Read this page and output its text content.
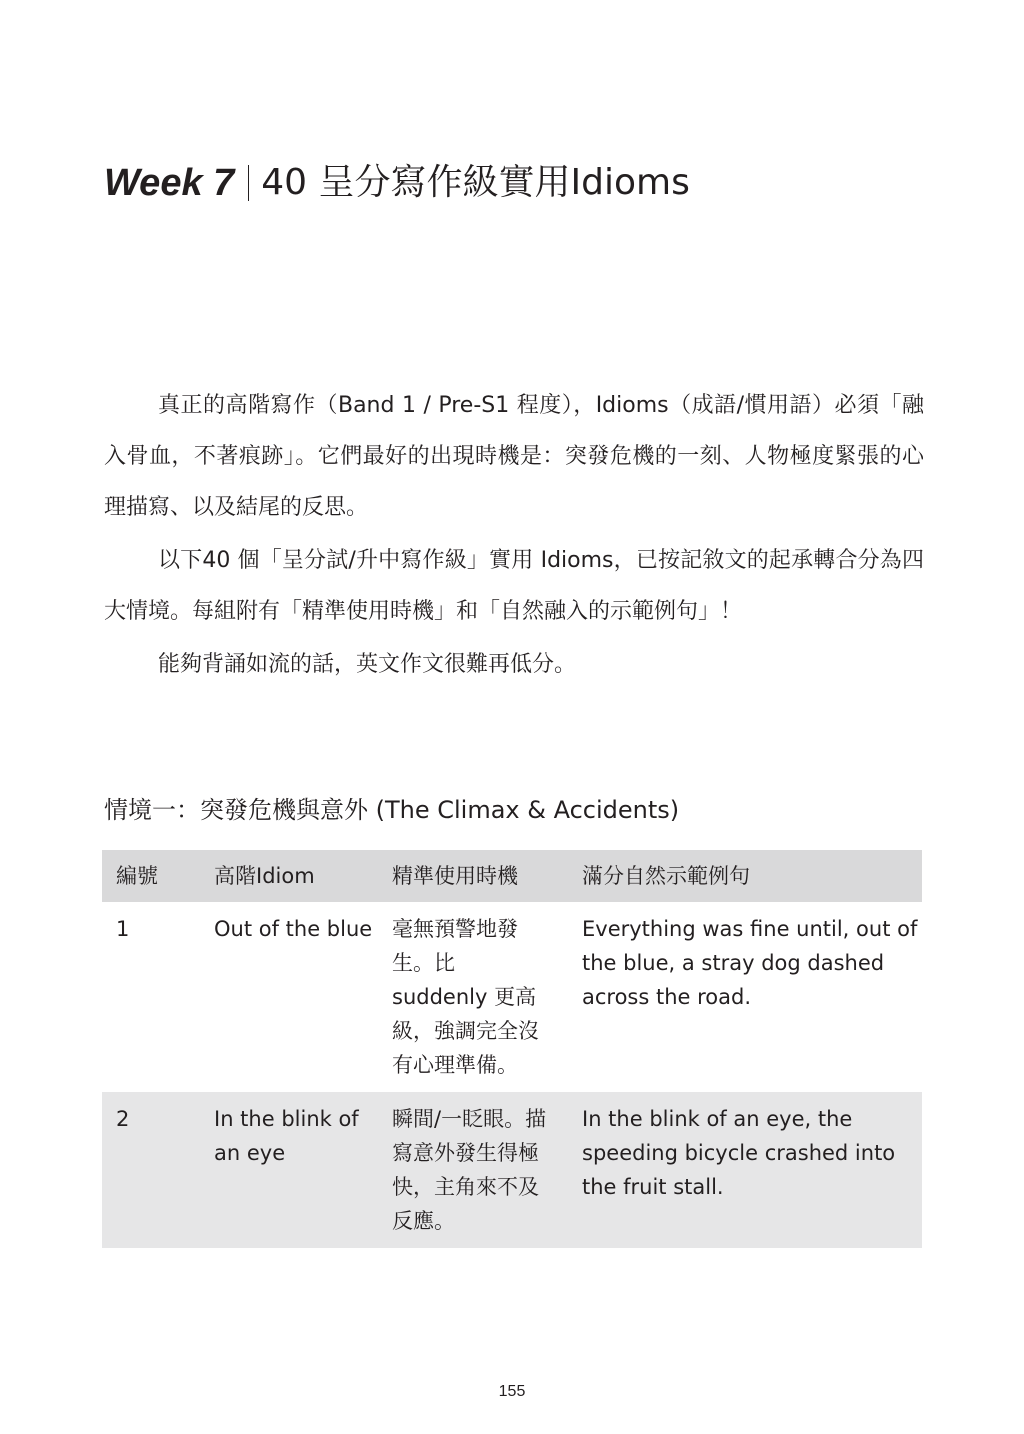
Week 7 40 呈分寫作級實用Idioms

真正的高階寫作（Band 1 / Pre-S1 程度），Idioms（成語/慣用語）必須「融入骨血，不著痕跡」。它們最好的出現時機是：突發危機的一刻、人物極度緊張的心理描寫、以及結尾的反思。

以下40 個「呈分試/升中寫作級」實用 Idioms，已按記敘文的起承轉合分為四大情境。每組附有「精準使用時機」和「自然融入的示範例句」！

能夠背誦如流的話，英文作文很難再低分。

情境一：突發危機與意外 (The Climax & Accidents)
編號	高階Idiom	精準使用時機	滿分自然示範例句
1	Out of the blue	毫無預警地發生。比 suddenly 更高級，強調完全沒有心理準備。	Everything was fine until, out of the blue, a stray dog dashed across the road.
2	In the blink of an eye	瞬間/一眨眼。描寫意外發生得極快，主角來不及反應。	In the blink of an eye, the speeding bicycle crashed into the fruit stall.
155
